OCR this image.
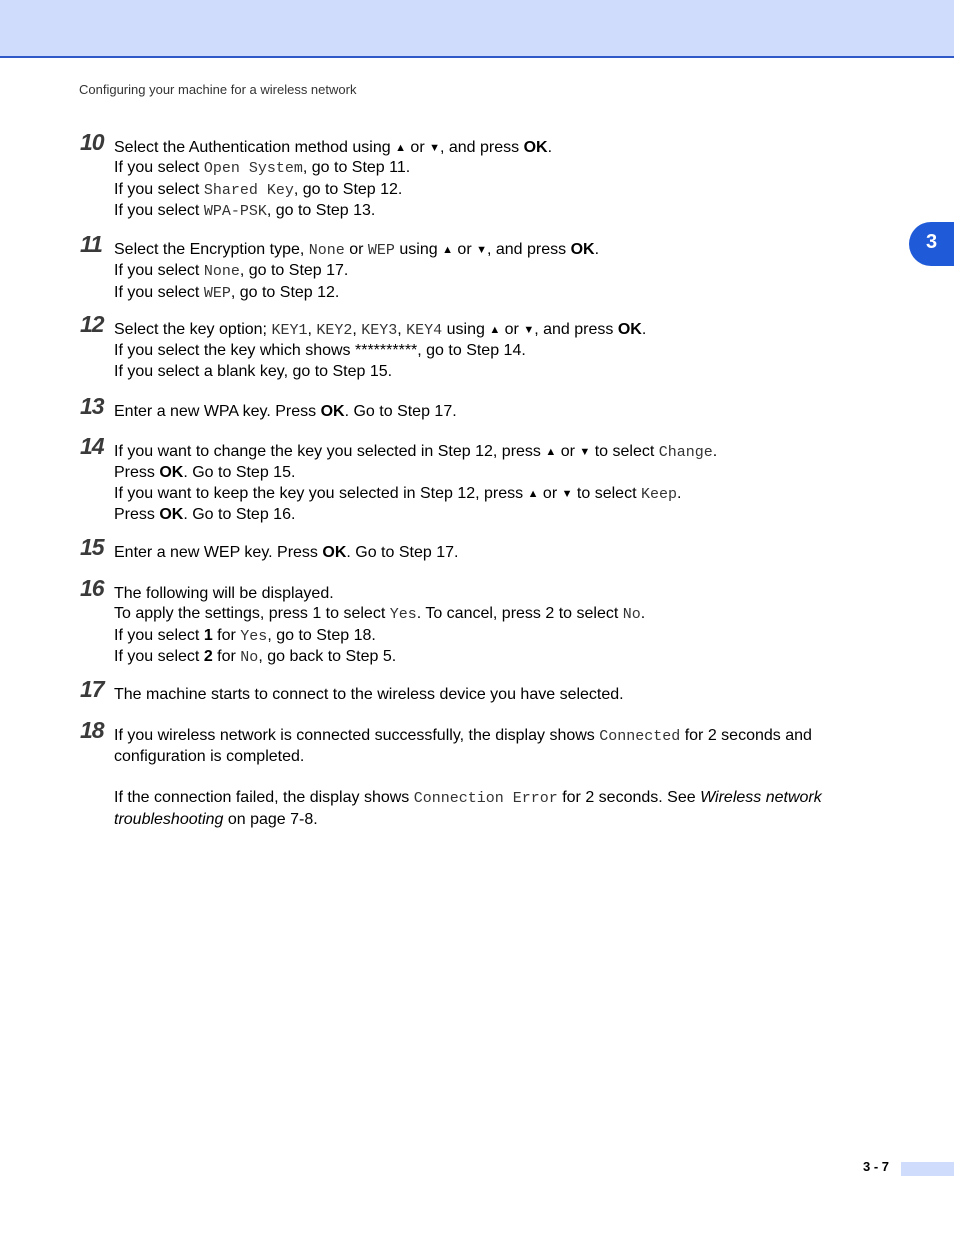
Configuring your machine for a wireless network
3
10 Select the Authentication method using ▲ or ▼, and press OK.
If you select Open System, go to Step 11.
If you select Shared Key, go to Step 12.
If you select WPA-PSK, go to Step 13.
11 Select the Encryption type, None or WEP using ▲ or ▼, and press OK.
If you select None, go to Step 17.
If you select WEP, go to Step 12.
12 Select the key option; KEY1, KEY2, KEY3, KEY4 using ▲ or ▼, and press OK.
If you select the key which shows **********, go to Step 14.
If you select a blank key, go to Step 15.
13 Enter a new WPA key. Press OK. Go to Step 17.
14 If you want to change the key you selected in Step 12, press ▲ or ▼ to select Change.
Press OK. Go to Step 15.
If you want to keep the key you selected in Step 12, press ▲ or ▼ to select Keep.
Press OK. Go to Step 16.
15 Enter a new WEP key. Press OK. Go to Step 17.
16 The following will be displayed.
To apply the settings, press 1 to select Yes. To cancel, press 2 to select No.
If you select 1 for Yes, go to Step 18.
If you select 2 for No, go back to Step 5.
17 The machine starts to connect to the wireless device you have selected.
18 If you wireless network is connected successfully, the display shows Connected for 2 seconds and configuration is completed.

If the connection failed, the display shows Connection Error for 2 seconds. See Wireless network troubleshooting on page 7-8.

3 - 7
